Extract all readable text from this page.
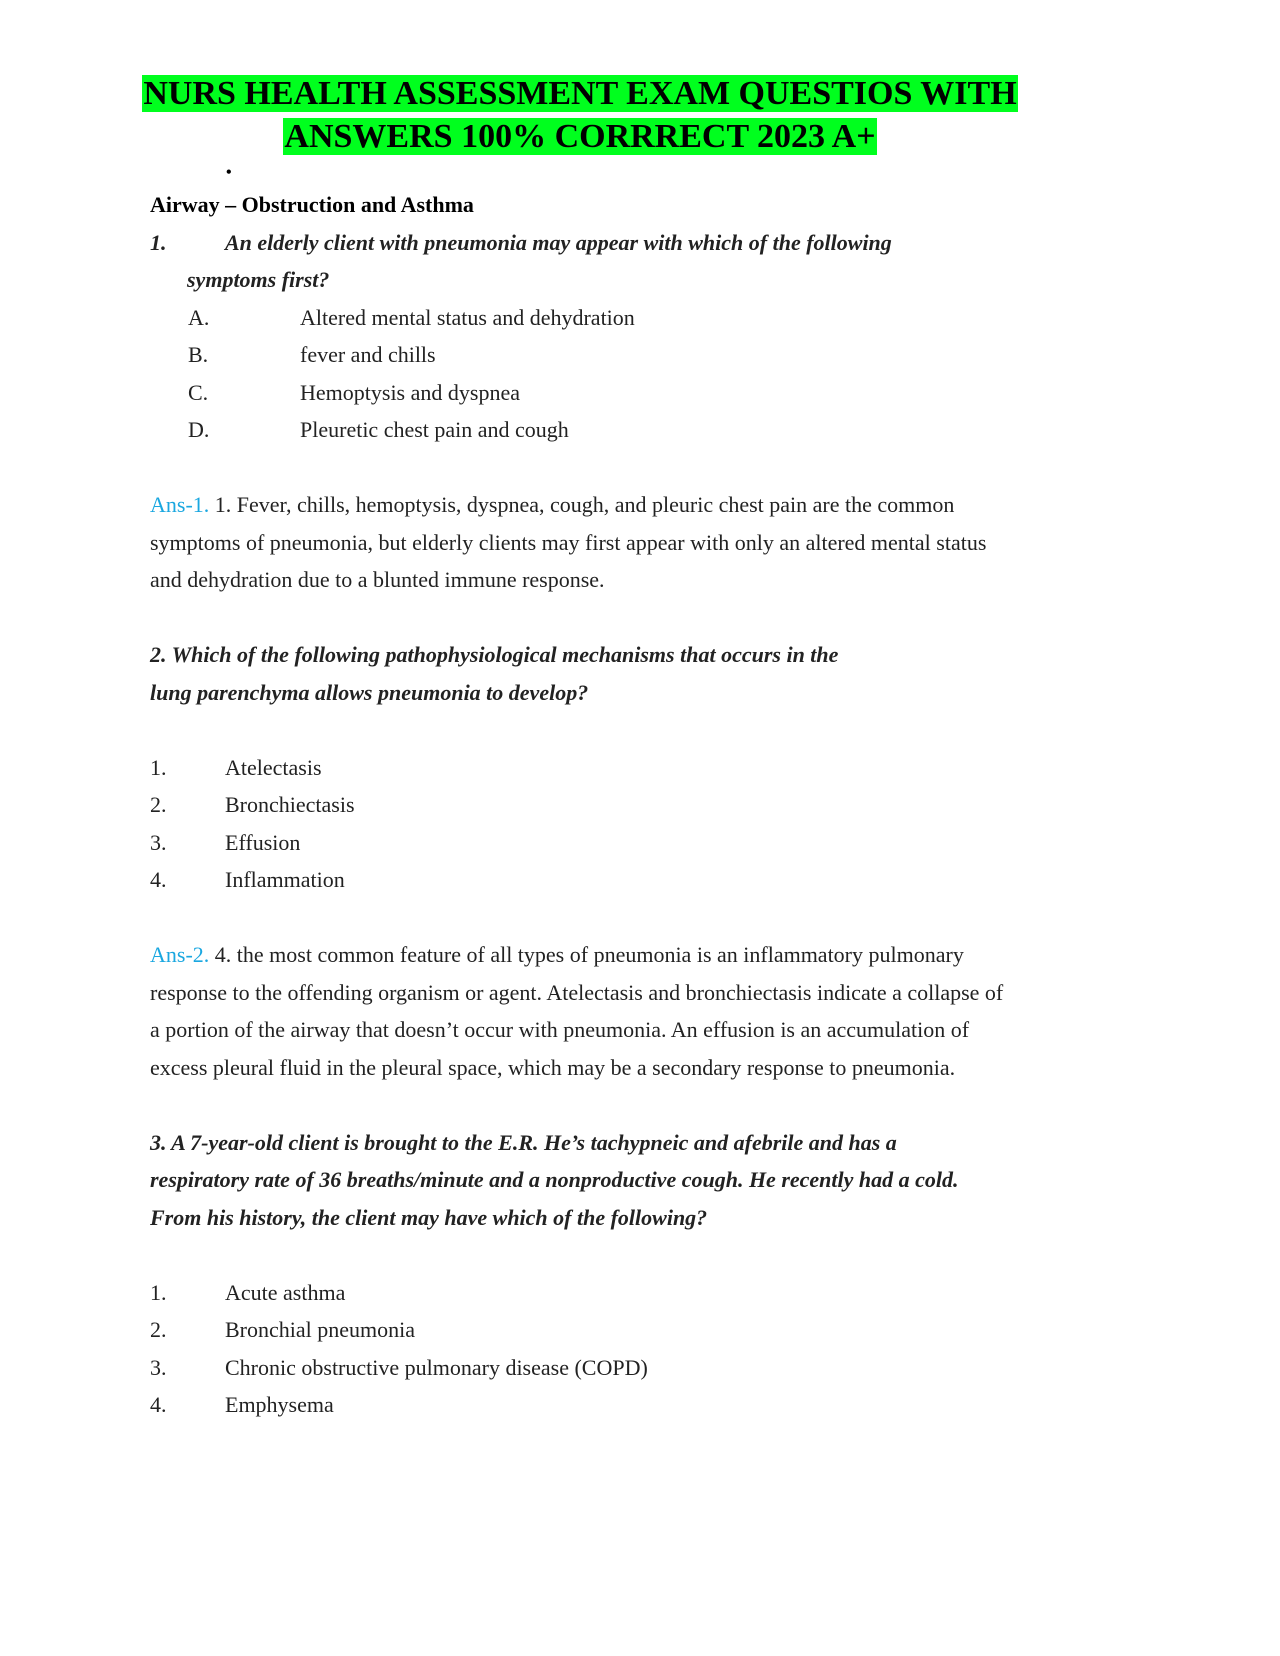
NURS HEALTH ASSESSMENT EXAM QUESTIOS WITH
ANSWERS 100% CORRRECT 2023 A+
•
Airway – Obstruction and Asthma
1.	An elderly client with pneumonia may appear with which of the following
symptoms first?
A.	Altered mental status and dehydration
B.	fever and chills
C.	Hemoptysis and dyspnea
D.	Pleuretic chest pain and cough
Ans-1. 1. Fever, chills, hemoptysis, dyspnea, cough, and pleuric chest pain are the common
symptoms of pneumonia, but elderly clients may first appear with only an altered mental status
and dehydration due to a blunted immune response.
2. Which of the following pathophysiological mechanisms that occurs in the
lung parenchyma allows pneumonia to develop?
1.	Atelectasis
2.	Bronchiectasis
3.	Effusion
4.	Inflammation
Ans-2. 4. the most common feature of all types of pneumonia is an inflammatory pulmonary
response to the offending organism or agent. Atelectasis and bronchiectasis indicate a collapse of
a portion of the airway that doesn’t occur with pneumonia. An effusion is an accumulation of
excess pleural fluid in the pleural space, which may be a secondary response to pneumonia.
3. A 7-year-old client is brought to the E.R. He’s tachypneic and afebrile and has a
respiratory rate of 36 breaths/minute and a nonproductive cough. He recently had a cold.
From his history, the client may have which of the following?
1.	Acute asthma
2.	Bronchial pneumonia
3.	Chronic obstructive pulmonary disease (COPD)
4.	Emphysema
